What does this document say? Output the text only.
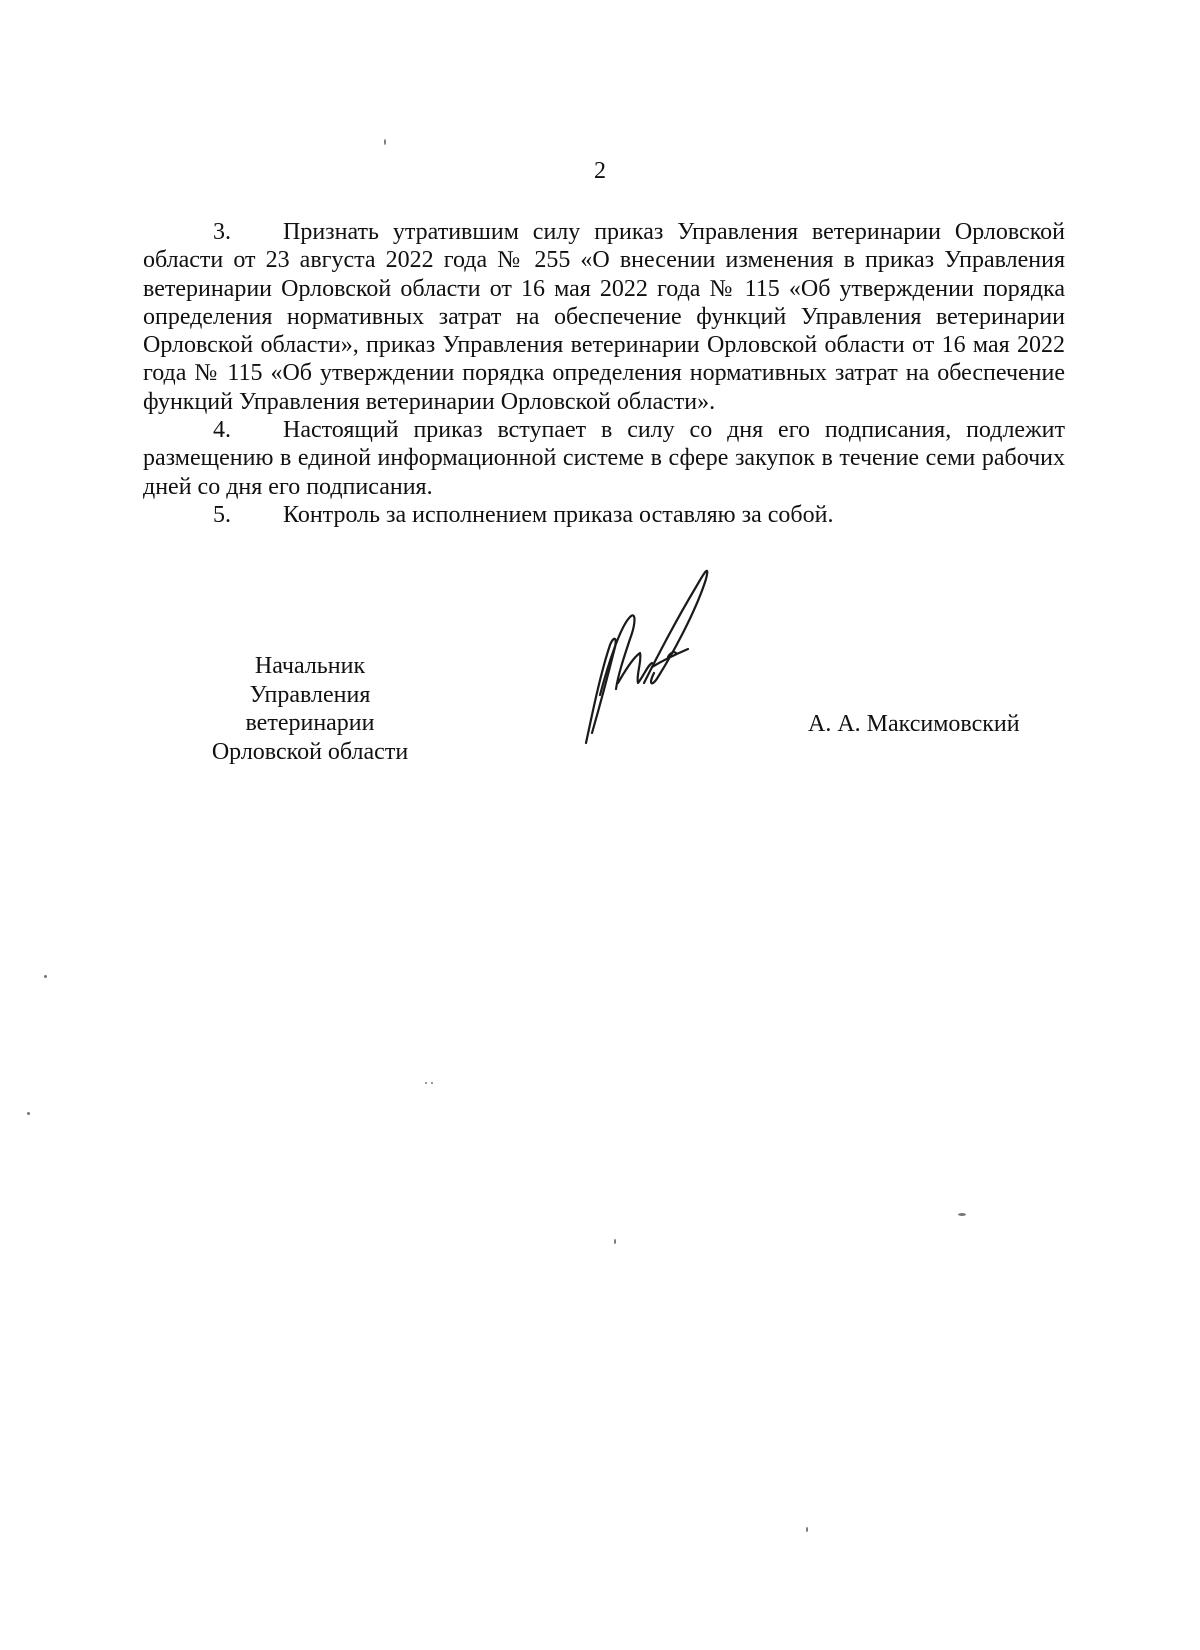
2

3. Признать утратившим силу приказ Управления ветеринарии Орловской области от 23 августа 2022 года № 255 «О внесении изменения в приказ Управления ветеринарии Орловской области от 16 мая 2022 года № 115 «Об утверждении порядка определения нормативных затрат на обеспечение функций Управления ветеринарии Орловской области», приказ Управления ветеринарии Орловской области от 16 мая 2022 года № 115 «Об утверждении порядка определения нормативных затрат на обеспечение функций Управления ветеринарии Орловской области».

4. Настоящий приказ вступает в силу со дня его подписания, подлежит размещению в единой информационной системе в сфере закупок в течение семи рабочих дней со дня его подписания.

5. Контроль за исполнением приказа оставляю за собой.

Начальник
Управления ветеринарии
Орловской области
А. А. Максимовский
